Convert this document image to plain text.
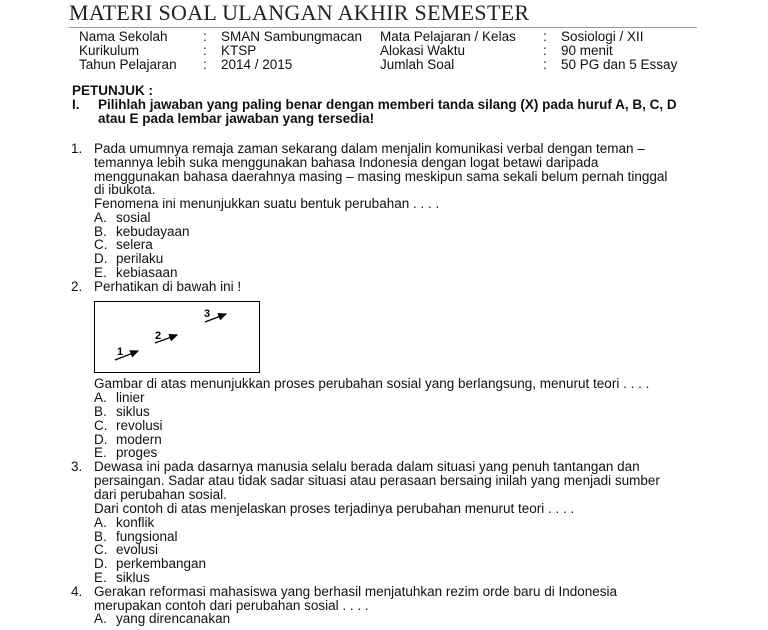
MATERI SOAL ULANGAN AKHIR SEMESTER
Nama Sekolah
Kurikulum
Tahun Pelajaran
:
:
:
SMAN Sambungmacan
KTSP
2014 / 2015
Mata Pelajaran / Kelas
Alokasi Waktu
Jumlah Soal
:
:
:
Sosiologi / XII
90 menit
50 PG dan 5 Essay
PETUNJUK :
I. Pilihlah jawaban yang paling benar dengan memberi tanda silang (X) pada huruf A, B, C, D
atau E pada lembar jawaban yang tersedia!
1. Pada umumnya remaja zaman sekarang dalam menjalin komunikasi verbal dengan teman –
temannya lebih suka menggunakan bahasa Indonesia dengan logat betawi daripada
menggunakan bahasa daerahnya masing – masing meskipun sama sekali belum pernah tinggal
di ibukota.
Fenomena ini menunjukkan suatu bentuk perubahan . . . .
A. sosial
B. kebudayaan
C. selera
D. perilaku
E. kebiasaan
2. Perhatikan di bawah ini !
1
2
3
Gambar di atas menunjukkan proses perubahan sosial yang berlangsung, menurut teori . . . .
A. linier
B. siklus
C. revolusi
D. modern
E. proges
3. Dewasa ini pada dasarnya manusia selalu berada dalam situasi yang penuh tantangan dan
persaingan. Sadar atau tidak sadar situasi atau perasaan bersaing inilah yang menjadi sumber
dari perubahan sosial.
Dari contoh di atas menjelaskan proses terjadinya perubahan menurut teori . . . .
A. konflik
B. fungsional
C. evolusi
D. perkembangan
E. siklus
4. Gerakan reformasi mahasiswa yang berhasil menjatuhkan rezim orde baru di Indonesia
merupakan contoh dari perubahan sosial . . . .
A. yang direncanakan
